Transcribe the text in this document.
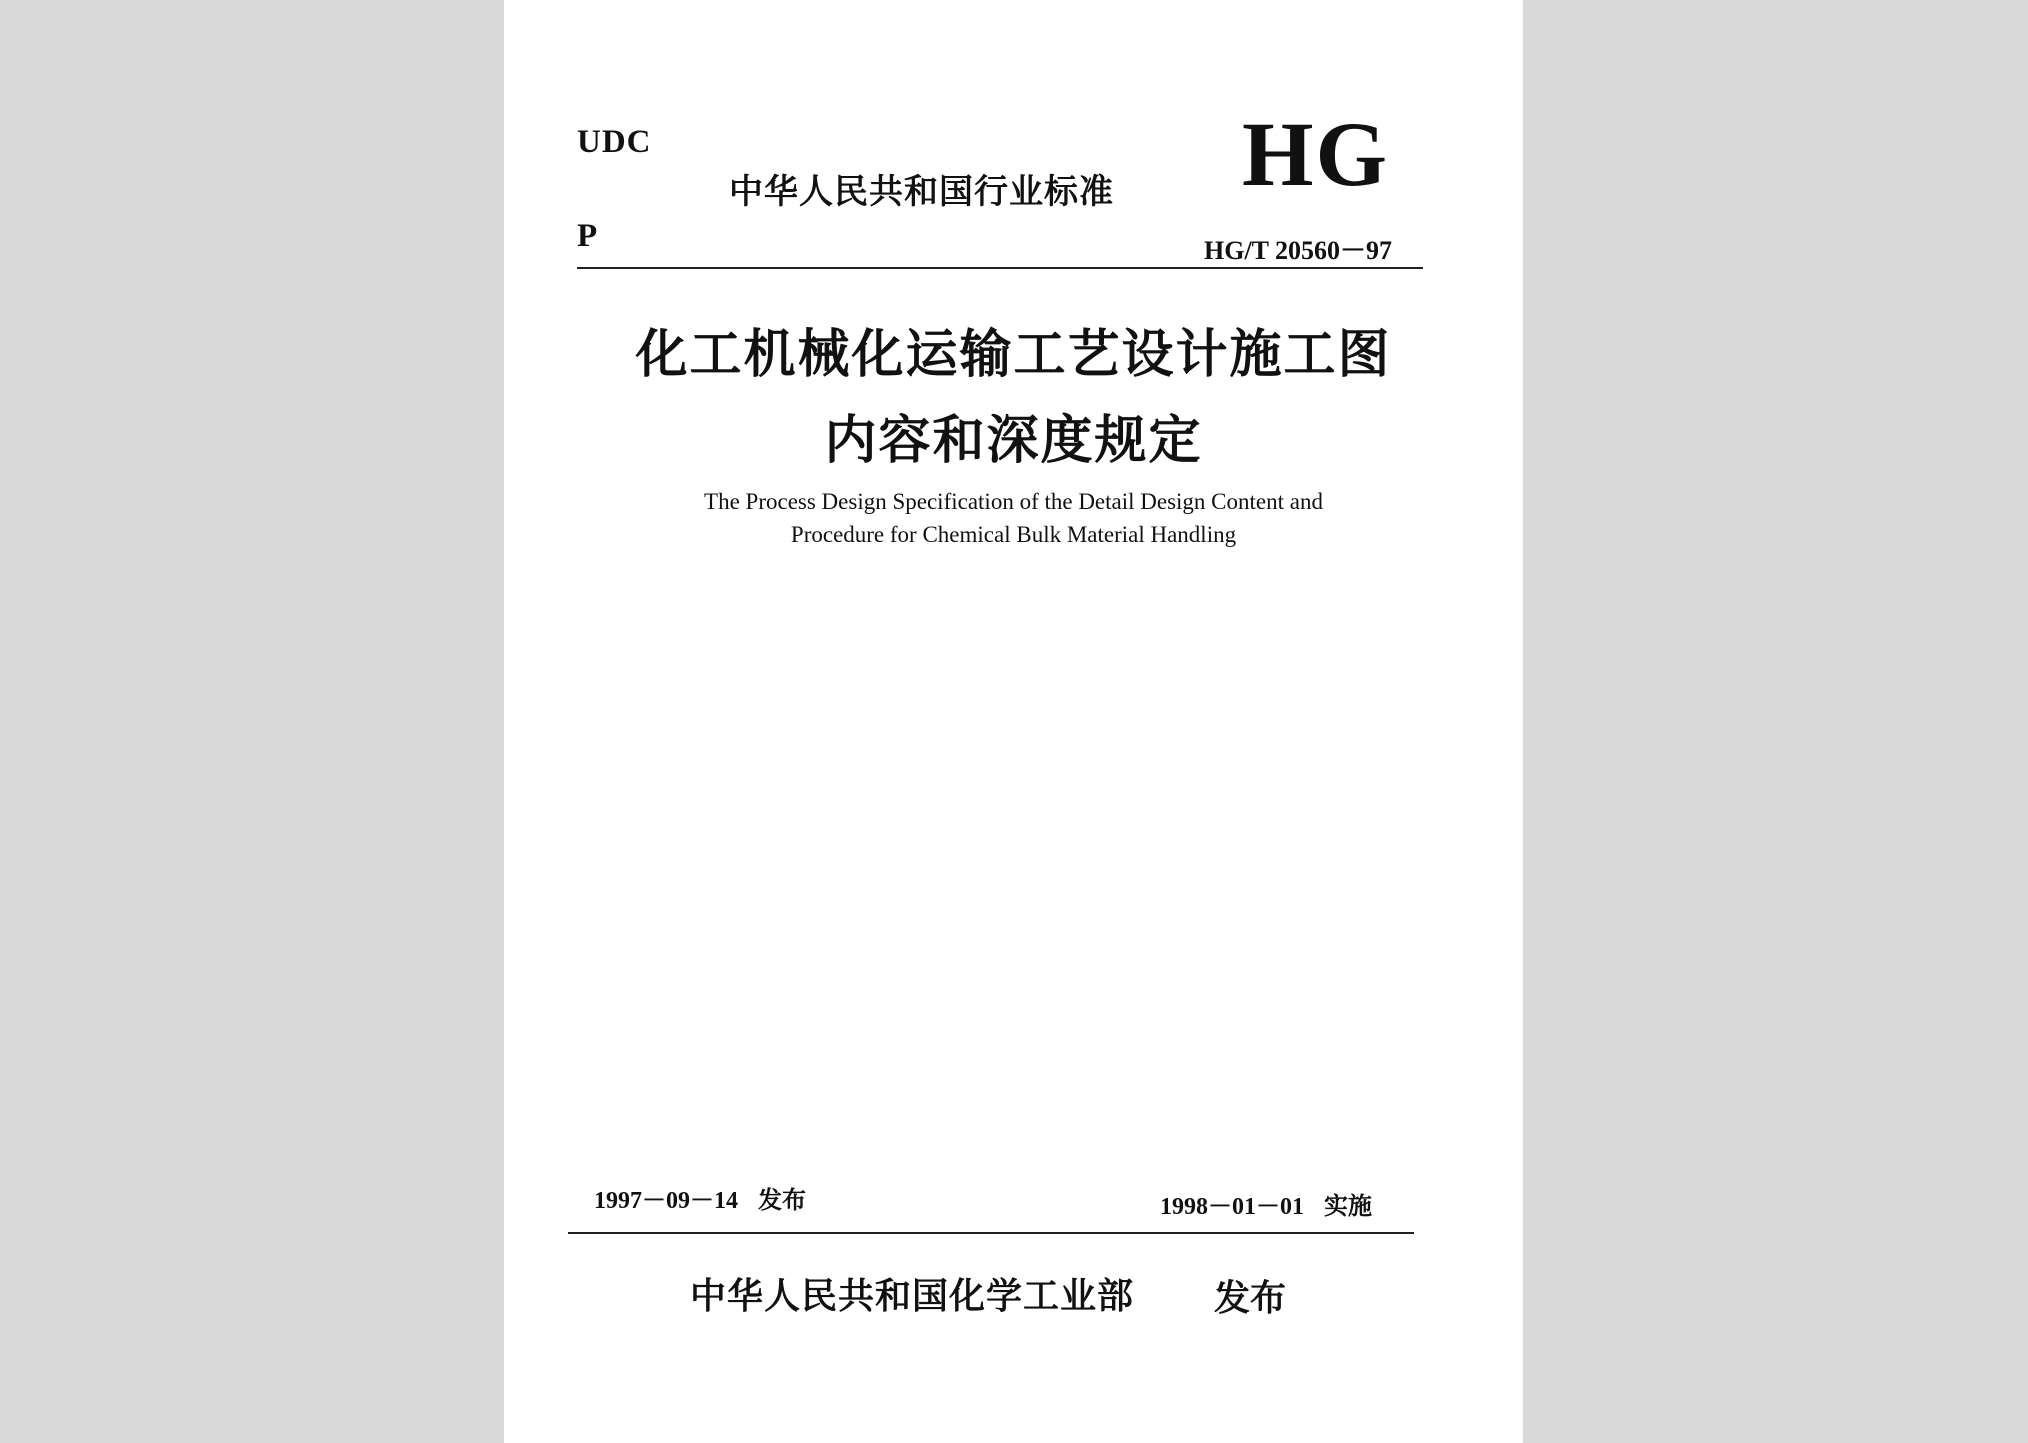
UDC
P
中华人民共和国行业标准 HG
HG/T 20560－97
化工机械化运输工艺设计施工图
内容和深度规定
The Process Design Specification of the Detail Design Content and
Procedure for Chemical Bulk Material Handling
1997－09－14 发布	1998－01－01 实施
中华人民共和国化学工业部 发布
